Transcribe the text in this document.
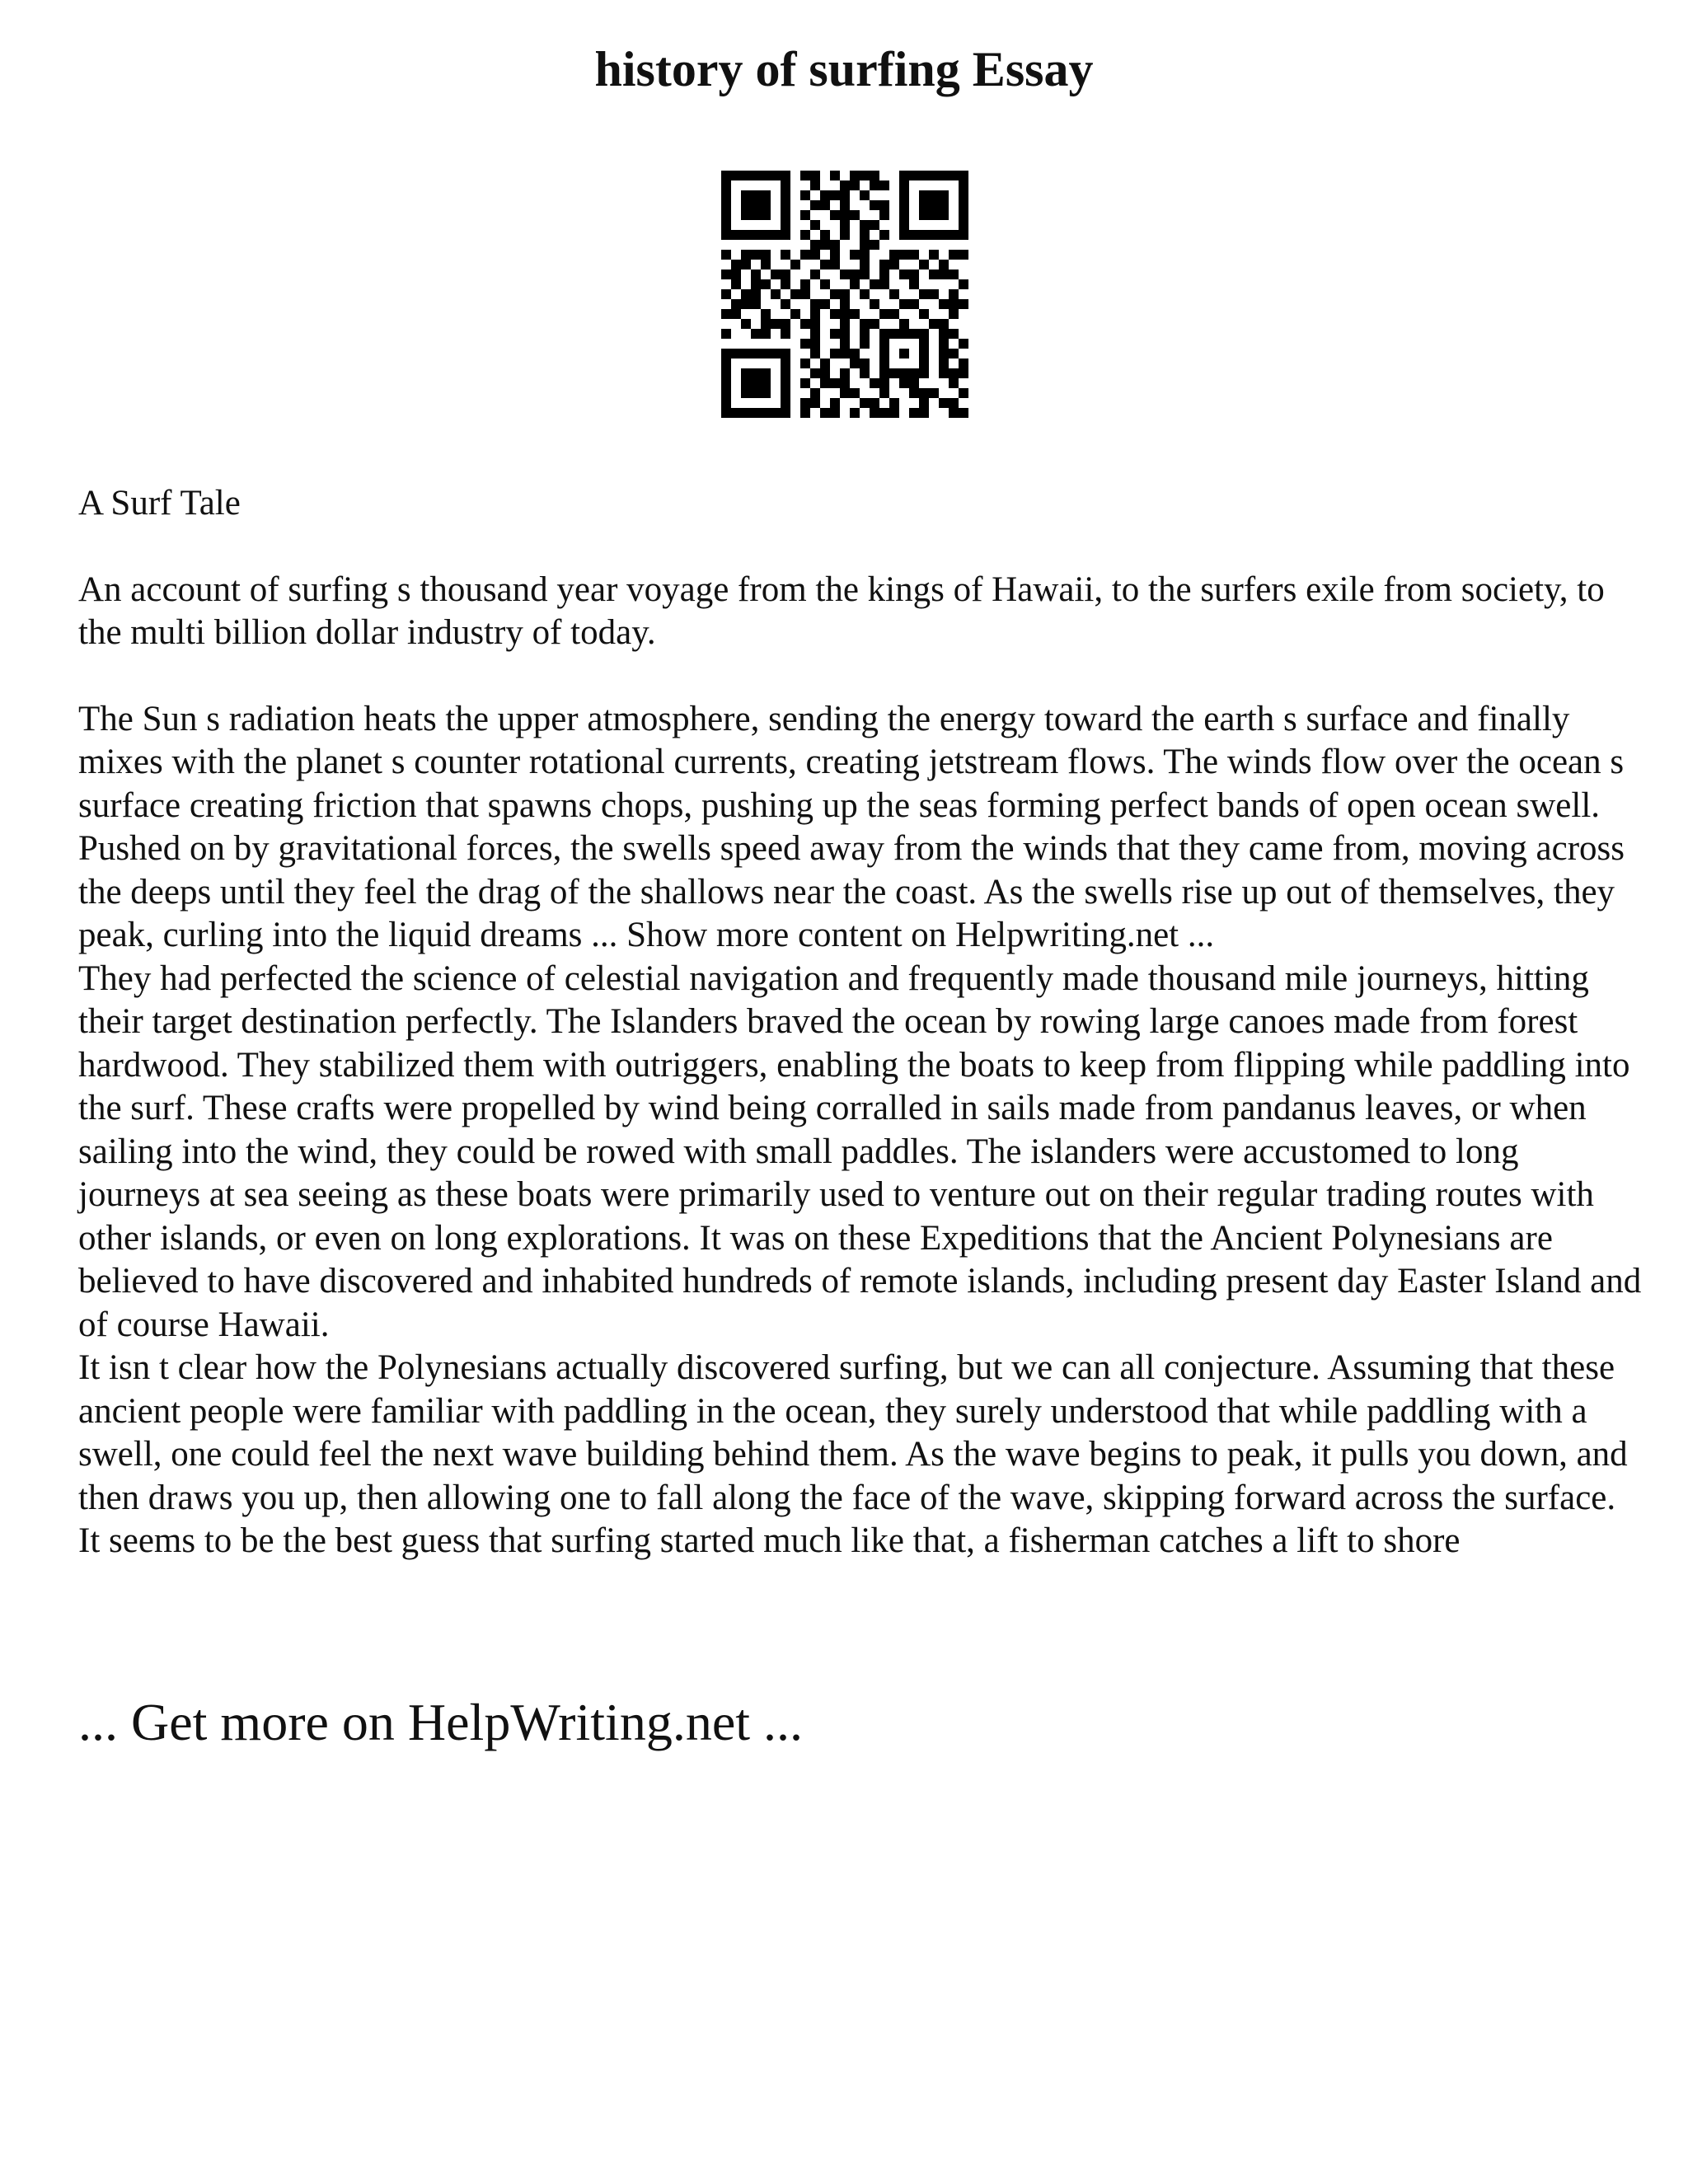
history of surfing Essay

A Surf Tale

An account of surfing s thousand year voyage from the kings of Hawaii, to the surfers exile from society, to the multi billion dollar industry of today.

The Sun s radiation heats the upper atmosphere, sending the energy toward the earth s surface and finally mixes with the planet s counter rotational currents, creating jetstream flows. The winds flow over the ocean s surface creating friction that spawns chops, pushing up the seas forming perfect bands of open ocean swell. Pushed on by gravitational forces, the swells speed away from the winds that they came from, moving across the deeps until they feel the drag of the shallows near the coast. As the swells rise up out of themselves, they peak, curling into the liquid dreams ... Show more content on Helpwriting.net ...

They had perfected the science of celestial navigation and frequently made thousand mile journeys, hitting their target destination perfectly. The Islanders braved the ocean by rowing large canoes made from forest hardwood. They stabilized them with outriggers, enabling the boats to keep from flipping while paddling into the surf. These crafts were propelled by wind being corralled in sails made from pandanus leaves, or when sailing into the wind, they could be rowed with small paddles. The islanders were accustomed to long journeys at sea seeing as these boats were primarily used to venture out on their regular trading routes with other islands, or even on long explorations. It was on these Expeditions that the Ancient Polynesians are believed to have discovered and inhabited hundreds of remote islands, including present day Easter Island and of course Hawaii.

It isn t clear how the Polynesians actually discovered surfing, but we can all conjecture. Assuming that these ancient people were familiar with paddling in the ocean, they surely understood that while paddling with a swell, one could feel the next wave building behind them. As the wave begins to peak, it pulls you down, and then draws you up, then allowing one to fall along the face of the wave, skipping forward across the surface. It seems to be the best guess that surfing started much like that, a fisherman catches a lift to shore

... Get more on HelpWriting.net ...
